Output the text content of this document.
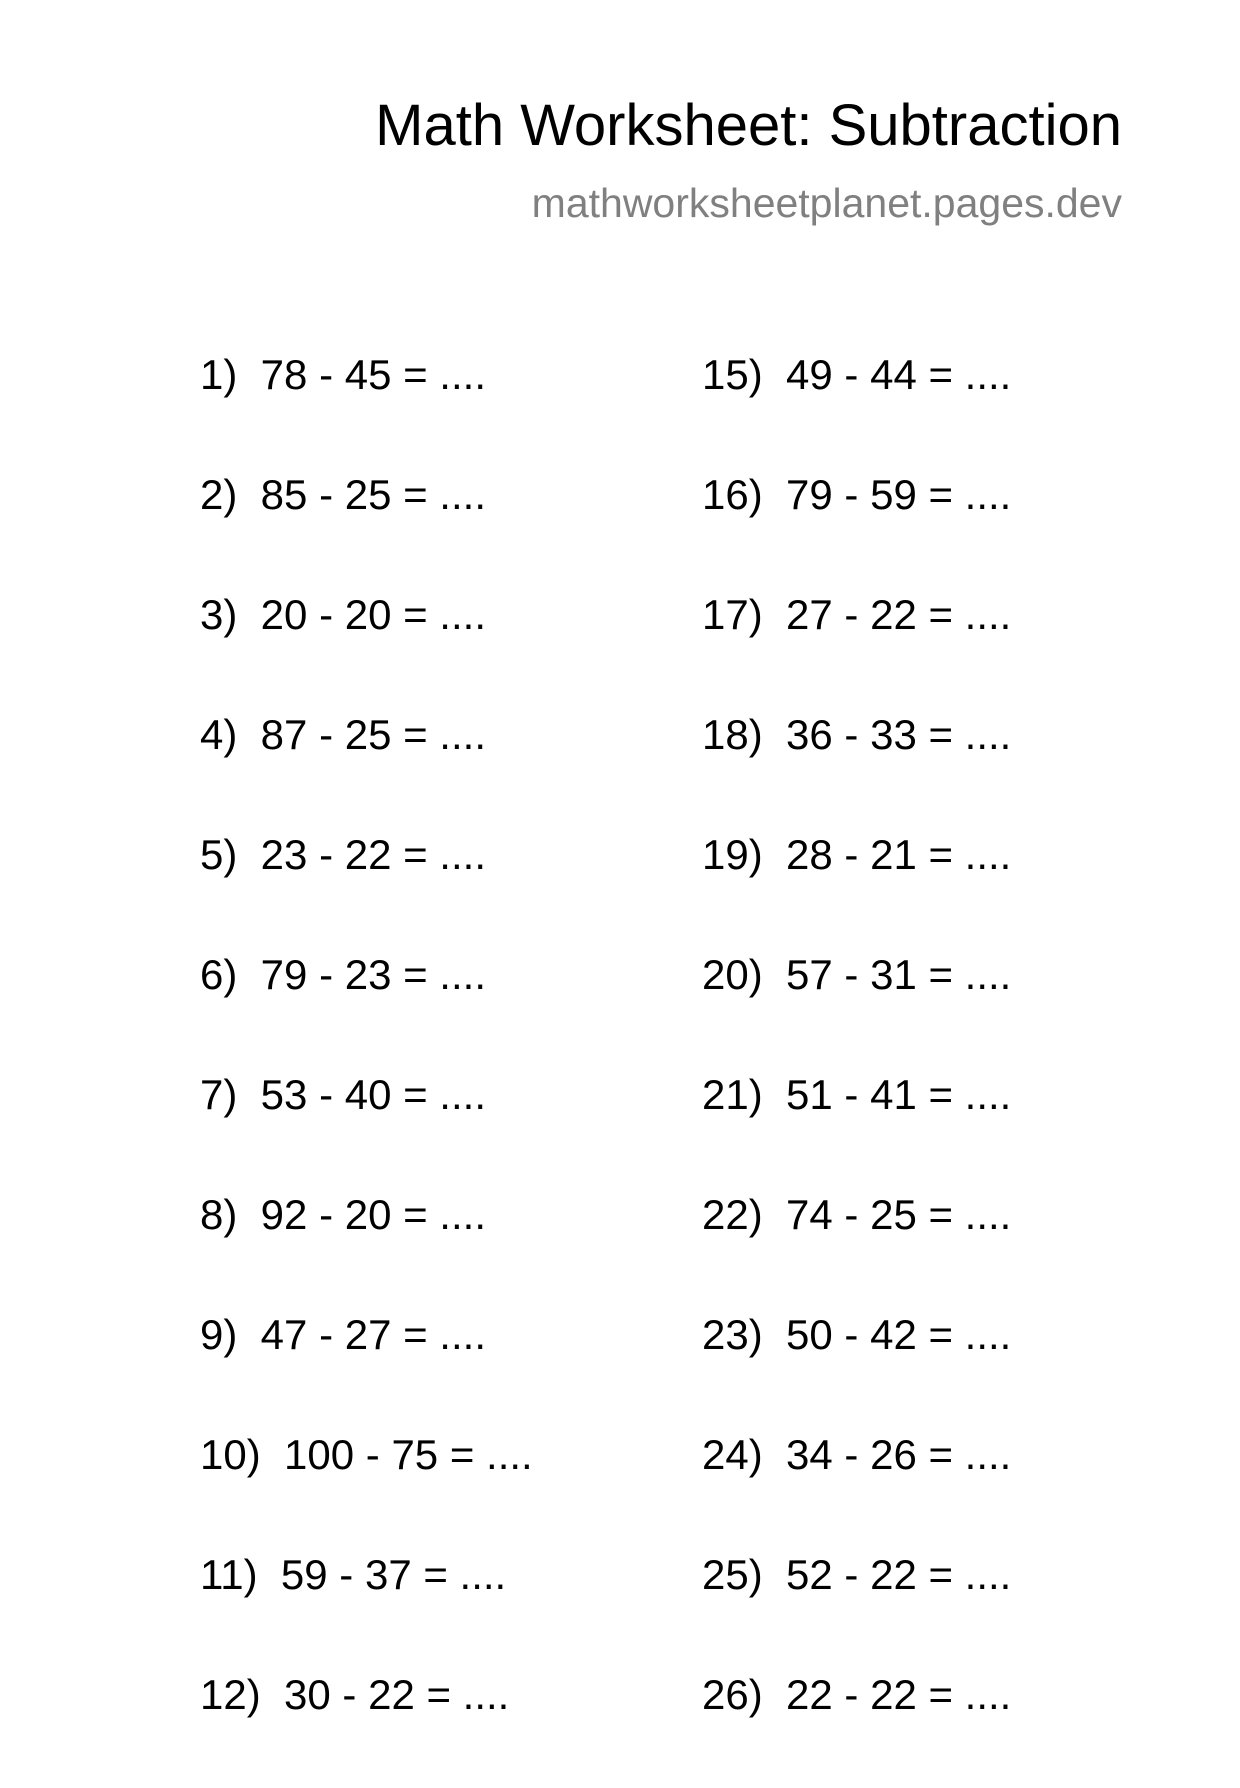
Math Worksheet: Subtraction
mathworksheetplanet.pages.dev
1)  78 - 45 = ....
2)  85 - 25 = ....
3)  20 - 20 = ....
4)  87 - 25 = ....
5)  23 - 22 = ....
6)  79 - 23 = ....
7)  53 - 40 = ....
8)  92 - 20 = ....
9)  47 - 27 = ....
10)  100 - 75 = ....
11)  59 - 37 = ....
12)  30 - 22 = ....
15)  49 - 44 = ....
16)  79 - 59 = ....
17)  27 - 22 = ....
18)  36 - 33 = ....
19)  28 - 21 = ....
20)  57 - 31 = ....
21)  51 - 41 = ....
22)  74 - 25 = ....
23)  50 - 42 = ....
24)  34 - 26 = ....
25)  52 - 22 = ....
26)  22 - 22 = ....
